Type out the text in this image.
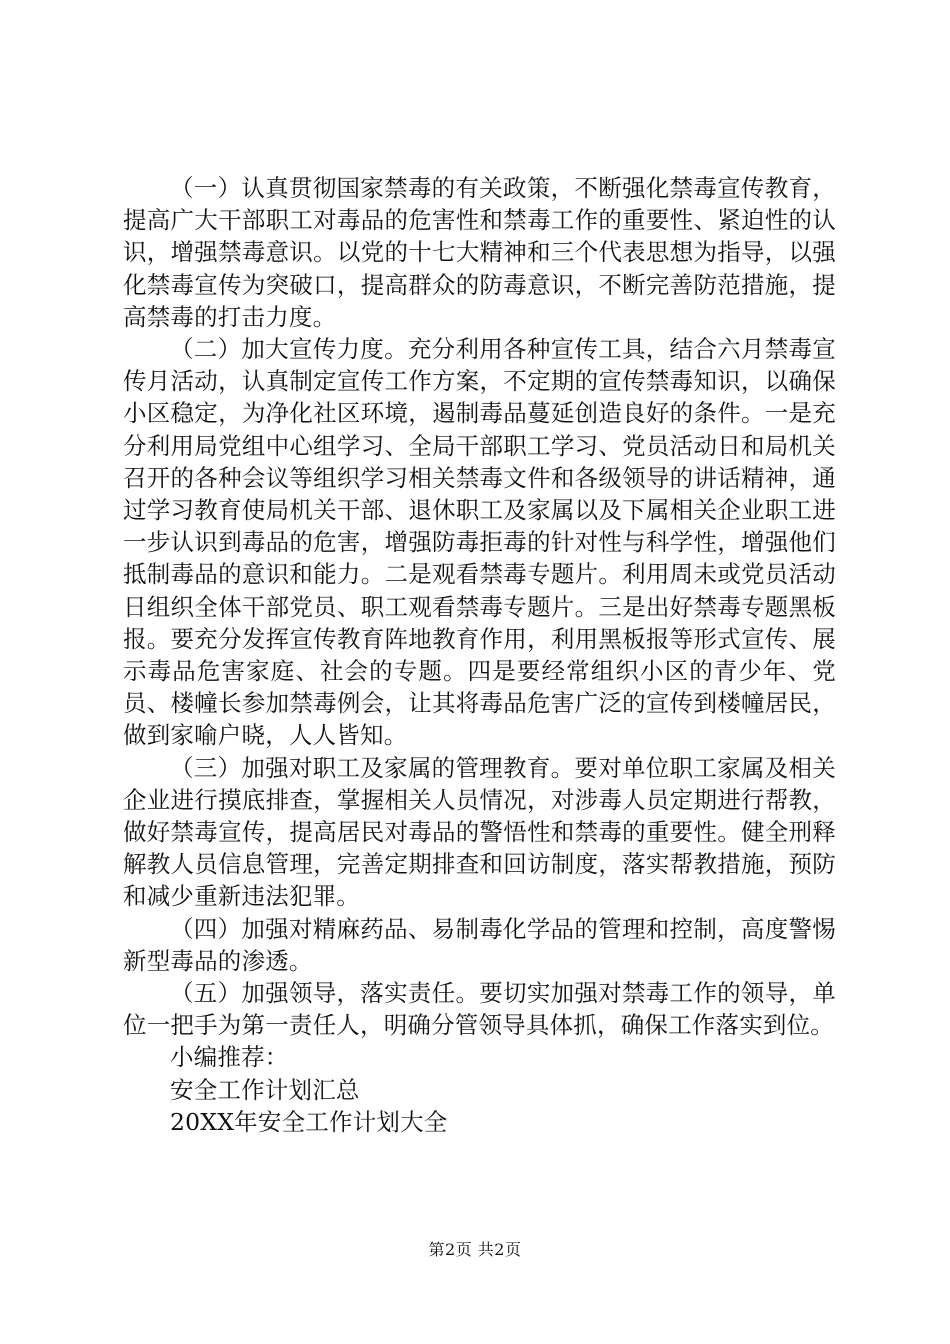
（一）认真贯彻国家禁毒的有关政策，不断强化禁毒宣传教育，提高广大干部职工对毒品的危害性和禁毒工作的重要性、紧迫性的认识，增强禁毒意识。以党的十七大精神和三个代表思想为指导，以强化禁毒宣传为突破口，提高群众的防毒意识，不断完善防范措施，提高禁毒的打击力度。

（二）加大宣传力度。充分利用各种宣传工具，结合六月禁毒宣传月活动，认真制定宣传工作方案，不定期的宣传禁毒知识，以确保小区稳定，为净化社区环境，遏制毒品蔓延创造良好的条件。一是充分利用局党组中心组学习、全局干部职工学习、党员活动日和局机关召开的各种会议等组织学习相关禁毒文件和各级领导的讲话精神，通过学习教育使局机关干部、退休职工及家属以及下属相关企业职工进一步认识到毒品的危害，增强防毒拒毒的针对性与科学性，增强他们抵制毒品的意识和能力。二是观看禁毒专题片。利用周未或党员活动日组织全体干部党员、职工观看禁毒专题片。三是出好禁毒专题黑板报。要充分发挥宣传教育阵地教育作用，利用黑板报等形式宣传、展示毒品危害家庭、社会的专题。四是要经常组织小区的青少年、党员、楼幢长参加禁毒例会，让其将毒品危害广泛的宣传到楼幢居民，做到家喻户晓，人人皆知。

（三）加强对职工及家属的管理教育。要对单位职工家属及相关企业进行摸底排查，掌握相关人员情况，对涉毒人员定期进行帮教，做好禁毒宣传，提高居民对毒品的警悟性和禁毒的重要性。健全刑释解教人员信息管理，完善定期排查和回访制度，落实帮教措施，预防和减少重新违法犯罪。

（四）加强对精麻药品、易制毒化学品的管理和控制，高度警惕新型毒品的渗透。

（五）加强领导，落实责任。要切实加强对禁毒工作的领导，单位一把手为第一责任人，明确分管领导具体抓，确保工作落实到位。

小编推荐：

安全工作计划汇总

20XX年安全工作计划大全

第2页 共2页
